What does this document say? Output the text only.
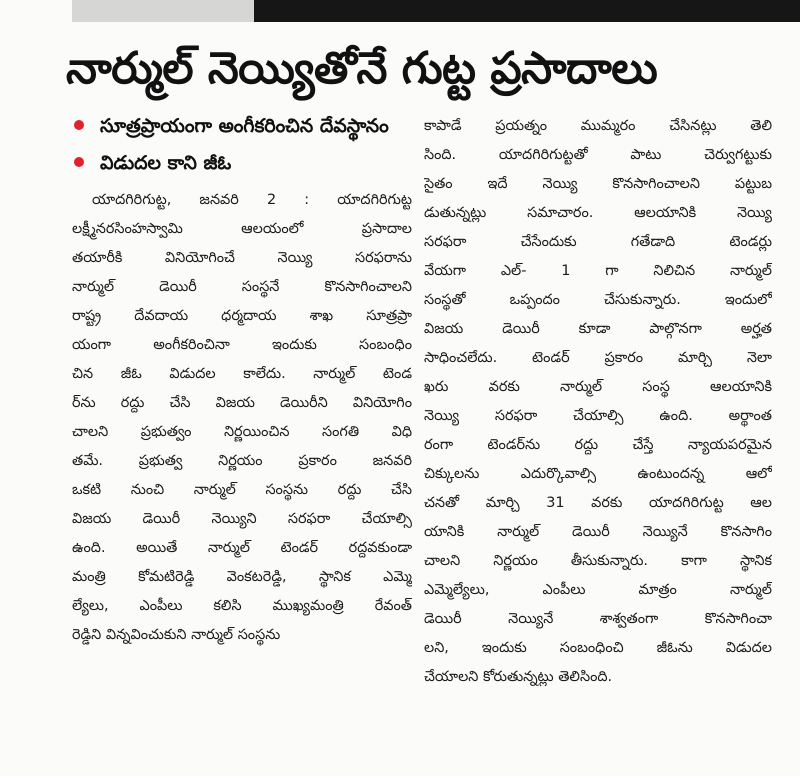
నార్ముల్ నెయ్యితోనే గుట్ట ప్రసాదాలు
సూత్రప్రాయంగా అంగీకరించిన దేవస్థానం
విడుదల కాని జీఓ
యాదగిరిగుట్ట, జనవరి 2 : యాదగిరిగుట్ట
లక్ష్మీనరసింహస్వామి ఆలయంలో ప్రసాదాల
తయారీకి వినియోగించే నెయ్యి సరఫరాను
నార్ముల్ డెయిరీ సంస్థనే కొనసాగించాలని
రాష్ట్ర దేవదాయ ధర్మదాయ శాఖ సూత్రప్రా
యంగా అంగీకరించినా ఇందుకు సంబంధిం
చిన జీఓ విడుదల కాలేదు. నార్ముల్ టెండ
ర్‌ను రద్దు చేసి విజయ డెయిరీని వినియోగిం
చాలని ప్రభుత్వం నిర్ణయించిన సంగతి విధి
తమే. ప్రభుత్వ నిర్ణయం ప్రకారం జనవరి
ఒకటి నుంచి నార్ముల్ సంస్థను రద్దు చేసి
విజయ డెయిరీ నెయ్యిని సరఫరా చేయాల్సి
ఉంది. అయితే నార్ముల్ టెండర్ రద్దవకుండా
మంత్రి కోమటిరెడ్డి వెంకటరెడ్డి, స్థానిక ఎమ్మె
ల్యేలు, ఎంపీలు కలిసి ముఖ్యమంత్రి రేవంత్
రెడ్డిని విన్నవించుకుని నార్ముల్ సంస్థను
కాపాడే ప్రయత్నం ముమ్మరం చేసినట్లు తెలి
సింది. యాదగిరిగుట్టతో పాటు చెర్వుగట్టుకు
సైతం ఇదే నెయ్యి కొనసాగించాలని పట్టుబ
డుతున్నట్లు సమాచారం. ఆలయానికి నెయ్యి
సరఫరా చేసేందుకు గతేడాది టెండర్లు
వేయగా ఎల్- 1 గా నిలిచిన నార్ముల్
సంస్థతో ఒప్పందం చేసుకున్నారు. ఇందులో
విజయ డెయిరీ కూడా పాల్గొనగా అర్హత
సాధించలేదు. టెండర్ ప్రకారం మార్చి నెలా
ఖరు వరకు నార్ముల్ సంస్థ ఆలయానికి
నెయ్యి సరఫరా చేయాల్సి ఉంది. అర్థాంత
రంగా టెండర్‌ను రద్దు చేస్తే న్యాయపరమైన
చిక్కులను ఎదుర్కొవాల్సి ఉంటుందన్న ఆలో
చనతో మార్చి 31 వరకు యాదగిరిగుట్ట ఆల
యానికి నార్ముల్ డెయిరీ నెయ్యినే కొనసాగిం
చాలని నిర్ణయం తీసుకున్నారు. కాగా స్థానిక
ఎమ్మెల్యేలు, ఎంపీలు మాత్రం నార్ముల్
డెయిరీ నెయ్యినే శాశ్వతంగా కొనసాగించా
లని, ఇందుకు సంబంధించి జీఓను విడుదల
చేయాలని కోరుతున్నట్లు తెలిసింది.
